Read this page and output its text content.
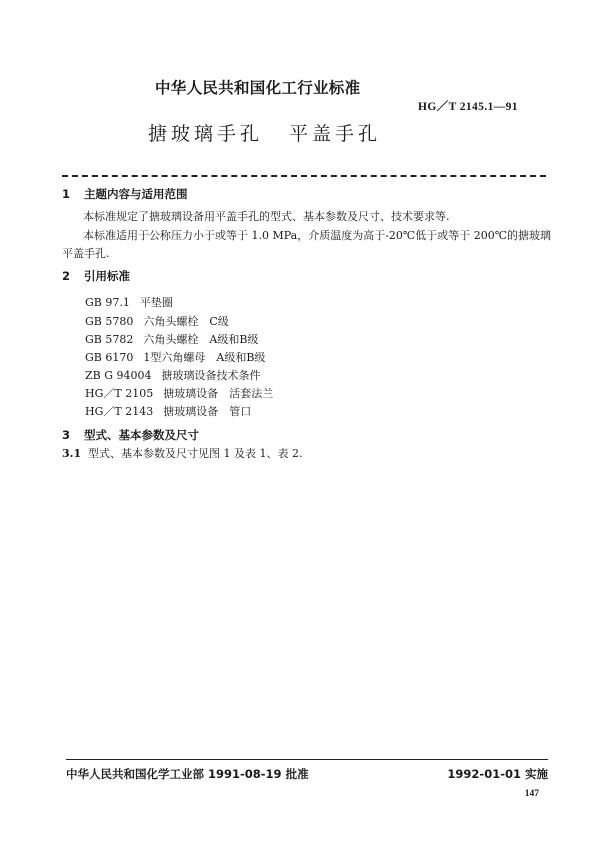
中华人民共和国化工行业标准
HG／T 2145.1—91
搪玻璃手孔 平盖手孔
1 主题内容与适用范围
本标准规定了搪玻璃设备用平盖手孔的型式、基本参数及尺寸、技术要求等.
本标准适用于公称压力小于或等于 1.0 MPa，介质温度为高于-20℃低于或等于 200℃的搪玻璃
平盖手孔.
2 引用标准
GB 97.1 平垫圈
GB 5780 六角头螺栓　C级
GB 5782 六角头螺栓　A级和B级
GB 6170 1型六角螺母　A级和B级
ZB G 94004 搪玻璃设备技术条件
HG／T 2105 搪玻璃设备　活套法兰
HG／T 2143 搪玻璃设备　管口
3 型式、基本参数及尺寸
3.1 型式、基本参数及尺寸见图 1 及表 1、表 2.
中华人民共和国化学工业部 1991-08-19 批准	1992-01-01 实施
147
